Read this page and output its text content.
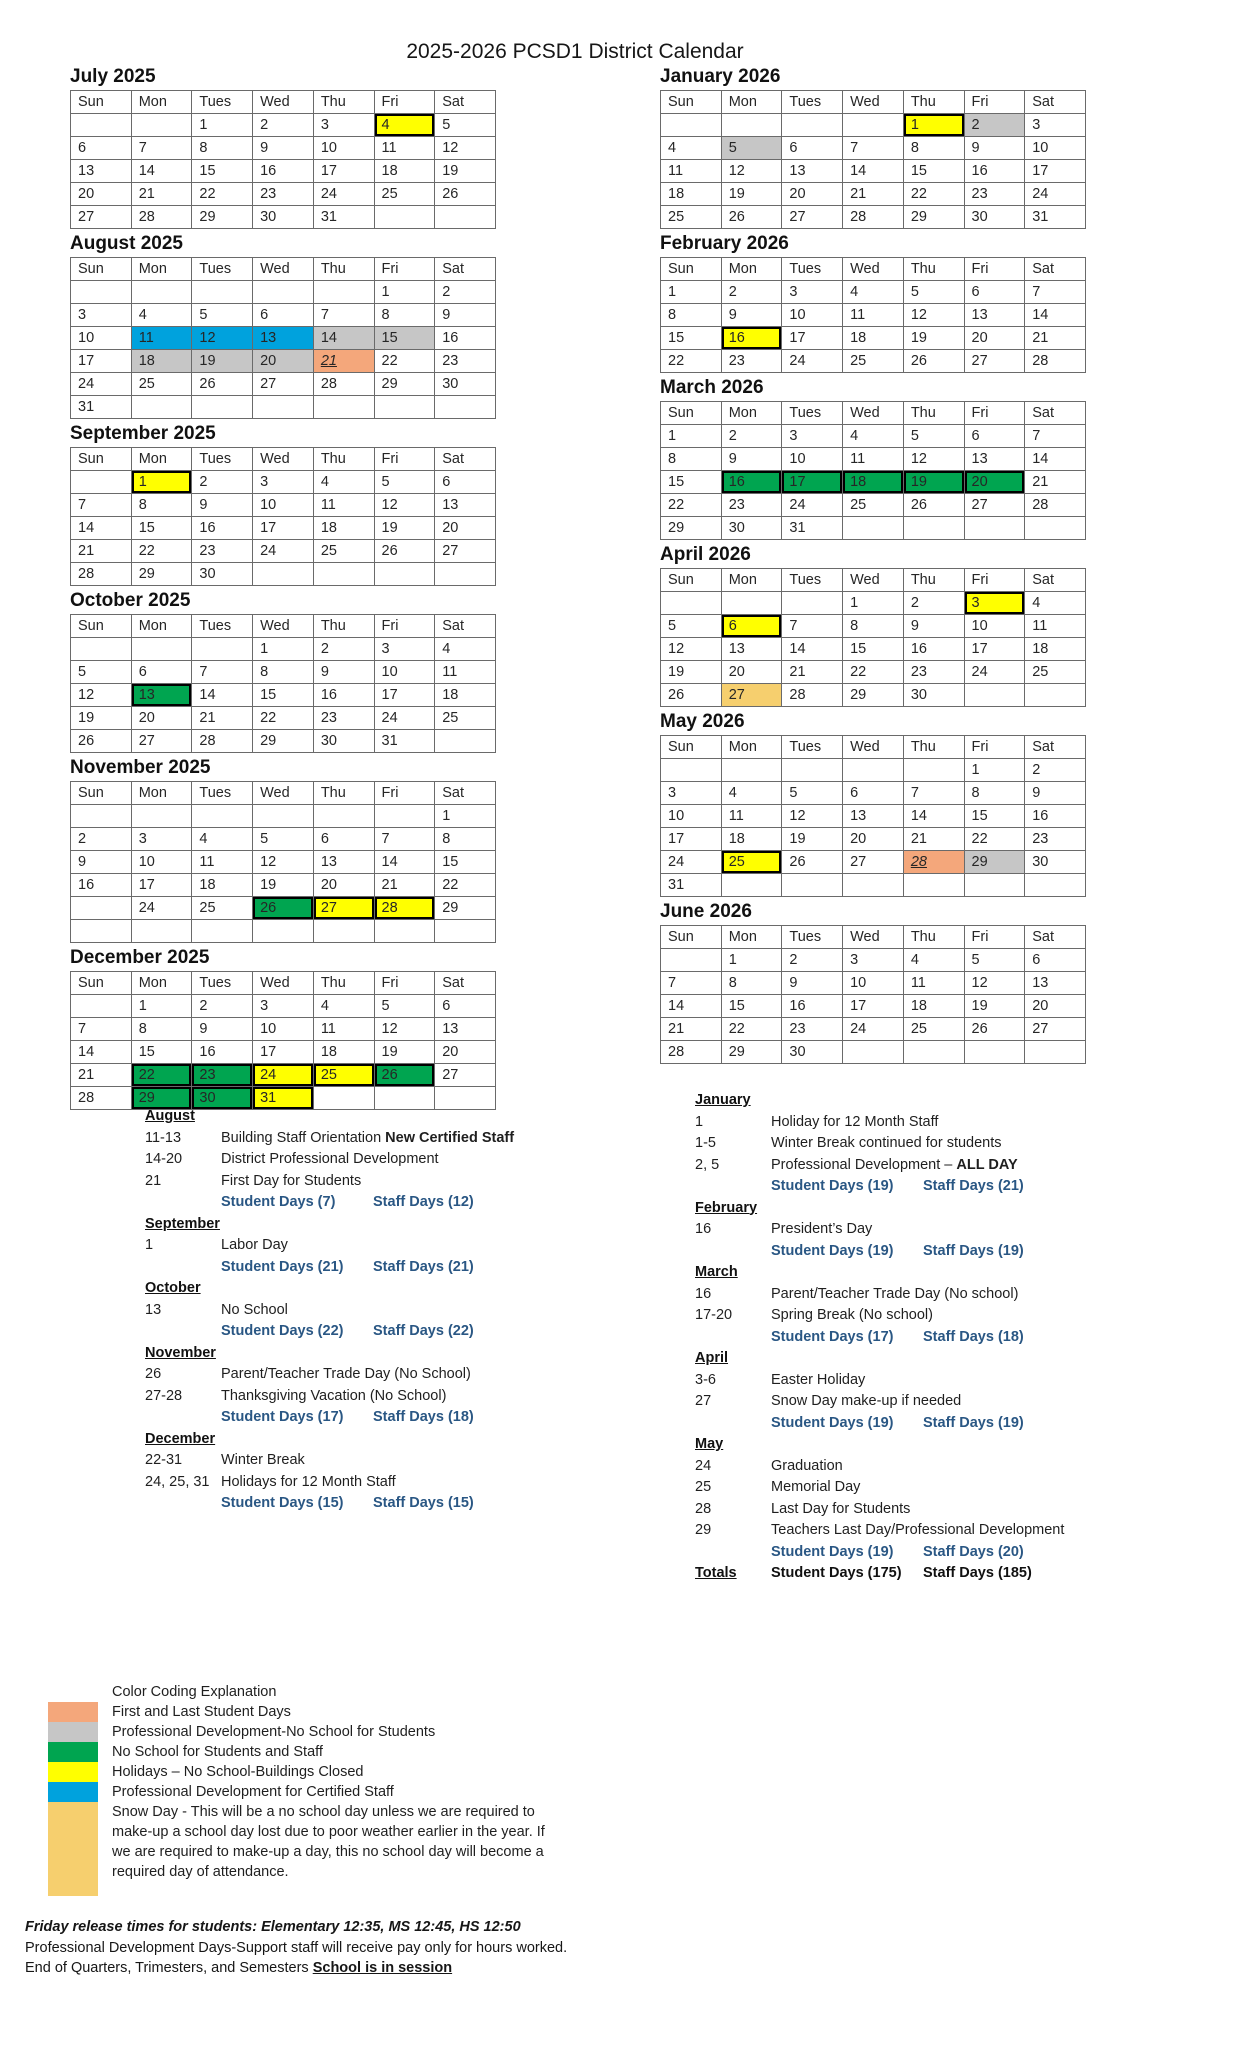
2025-2026 PCSD1 District Calendar
July 2025
Sun	Mon	Tues	Wed	Thu	Fri	Sat
		1	2	3	4	5
6	7	8	9	10	11	12
13	14	15	16	17	18	19
20	21	22	23	24	25	26
27	28	29	30	31		
August 2025
Sun	Mon	Tues	Wed	Thu	Fri	Sat
					1	2
3	4	5	6	7	8	9
10	11	12	13	14	15	16
17	18	19	20	21	22	23
24	25	26	27	28	29	30
31						
September 2025
Sun	Mon	Tues	Wed	Thu	Fri	Sat
	1	2	3	4	5	6
7	8	9	10	11	12	13
14	15	16	17	18	19	20
21	22	23	24	25	26	27
28	29	30				
October 2025
Sun	Mon	Tues	Wed	Thu	Fri	Sat
			1	2	3	4
5	6	7	8	9	10	11
12	13	14	15	16	17	18
19	20	21	22	23	24	25
26	27	28	29	30	31	
November 2025
Sun	Mon	Tues	Wed	Thu	Fri	Sat
						1
2	3	4	5	6	7	8
9	10	11	12	13	14	15
16	17	18	19	20	21	22
	24	25	26	27	28	29

December 2025
Sun	Mon	Tues	Wed	Thu	Fri	Sat
	1	2	3	4	5	6
7	8	9	10	11	12	13
14	15	16	17	18	19	20
21	22	23	24	25	26	27
28	29	30	31			
January 2026
Sun	Mon	Tues	Wed	Thu	Fri	Sat
				1	2	3
4	5	6	7	8	9	10
11	12	13	14	15	16	17
18	19	20	21	22	23	24
25	26	27	28	29	30	31
February 2026
Sun	Mon	Tues	Wed	Thu	Fri	Sat
1	2	3	4	5	6	7
8	9	10	11	12	13	14
15	16	17	18	19	20	21
22	23	24	25	26	27	28
March 2026
Sun	Mon	Tues	Wed	Thu	Fri	Sat
1	2	3	4	5	6	7
8	9	10	11	12	13	14
15	16	17	18	19	20	21
22	23	24	25	26	27	28
29	30	31				
April 2026
Sun	Mon	Tues	Wed	Thu	Fri	Sat
			1	2	3	4
5	6	7	8	9	10	11
12	13	14	15	16	17	18
19	20	21	22	23	24	25
26	27	28	29	30		
May 2026
Sun	Mon	Tues	Wed	Thu	Fri	Sat
					1	2
3	4	5	6	7	8	9
10	11	12	13	14	15	16
17	18	19	20	21	22	23
24	25	26	27	28	29	30
31						
June 2026
Sun	Mon	Tues	Wed	Thu	Fri	Sat
	1	2	3	4	5	6
7	8	9	10	11	12	13
14	15	16	17	18	19	20
21	22	23	24	25	26	27
28	29	30				
August
11-13	Building Staff Orientation New Certified Staff
14-20	District Professional Development
21	First Day for Students
Student Days (7)	Staff Days (12)
September
1	Labor Day
Student Days (21)	Staff Days (21)
October
13	No School
Student Days (22)	Staff Days (22)
November
26	Parent/Teacher Trade Day (No School)
27-28	Thanksgiving Vacation (No School)
Student Days (17)	Staff Days (18)
December
22-31	Winter Break
24, 25, 31 Holidays for 12 Month Staff
Student Days (15)	Staff Days (15)
January
1	Holiday for 12 Month Staff
1-5	Winter Break continued for students
2, 5	Professional Development – ALL DAY
Student Days (19)	Staff Days (21)
February
16	President’s Day
Student Days (19)	Staff Days (19)
March
16	Parent/Teacher Trade Day (No school)
17-20	Spring Break (No school)
Student Days (17)	Staff Days (18)
April
3-6	Easter Holiday
27	Snow Day make-up if needed
Student Days (19)	Staff Days (19)
May
24	Graduation
25	Memorial Day
28	Last Day for Students
29	Teachers Last Day/Professional Development
Student Days (19)	Staff Days (20)
Totals	Student Days (175)	Staff Days (185)
Color Coding Explanation
First and Last Student Days
Professional Development-No School for Students
No School for Students and Staff
Holidays – No School-Buildings Closed
Professional Development for Certified Staff
Snow Day - This will be a no school day unless we are required to make-up a school day lost due to poor weather earlier in the year. If we are required to make-up a day, this no school day will become a required day of attendance.
Friday release times for students: Elementary 12:35, MS 12:45, HS 12:50
Professional Development Days-Support staff will receive pay only for hours worked.
End of Quarters, Trimesters, and Semesters School is in session
